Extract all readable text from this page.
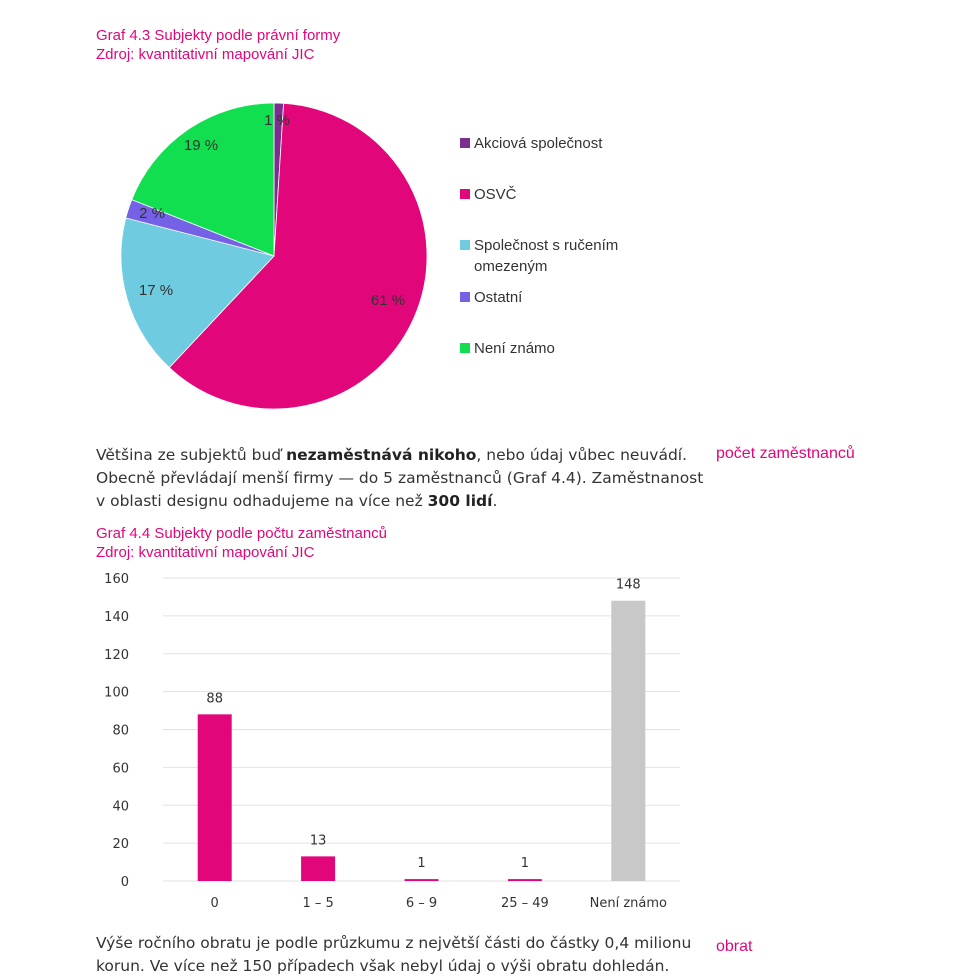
Graf 4.3 Subjekty podle právní formy
Zdroj: kvantitativní mapování JIC
1 %
61 %
17 %
2 %
19 %	Akciová společnost
OSVČ
Společnost s ručením
omezeným
Ostatní
Není známo
Většina ze subjektů buď nezaměstnává nikoho, nebo údaj vůbec neuvádí.
Obecně převládají menší firmy — do 5 zaměstnanců (Graf 4.4). Zaměstnanost
v oblasti designu odhadujeme na více než 300 lidí.
počet zaměstnanců
Graf 4.4 Subjekty podle počtu zaměstnanců
Zdroj: kvantitativní mapování JIC
0
20
40
60
80
100
120
140
160
88
0
13
1 – 5
1
6 – 9
1
25 – 49
148
Není známo
Výše ročního obratu je podle průzkumu z největší části do částky 0,4 milionu
korun. Ve více než 150 případech však nebyl údaj o výši obratu dohledán.
obrat
